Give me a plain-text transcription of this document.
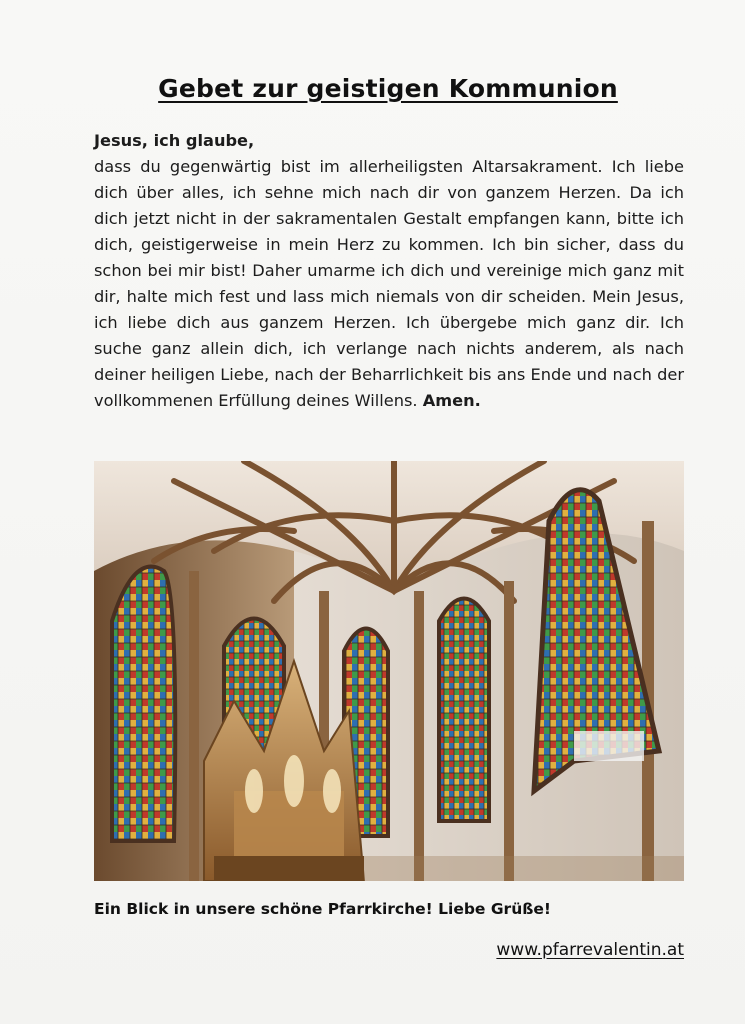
Gebet zur geistigen Kommunion
Jesus, ich glaube,
dass du gegenwärtig bist im allerheiligsten Altarsakrament. Ich liebe dich über alles, ich sehne mich nach dir von ganzem Herzen. Da ich dich jetzt nicht in der sakramentalen Gestalt empfangen kann, bitte ich dich, geistigerweise in mein Herz zu kommen. Ich bin sicher, dass du schon bei mir bist! Daher umarme ich dich und vereinige mich ganz mit dir, halte mich fest und lass mich niemals von dir scheiden. Mein Jesus, ich liebe dich aus ganzem Herzen. Ich übergebe mich ganz dir. Ich suche ganz allein dich, ich verlange nach nichts anderem, als nach deiner heiligen Liebe, nach der Beharrlichkeit bis ans Ende und nach der vollkommenen Erfüllung deines Willens. Amen.
Ein Blick in unsere schöne Pfarrkirche! Liebe Grüße!
www.pfarrevalentin.at
